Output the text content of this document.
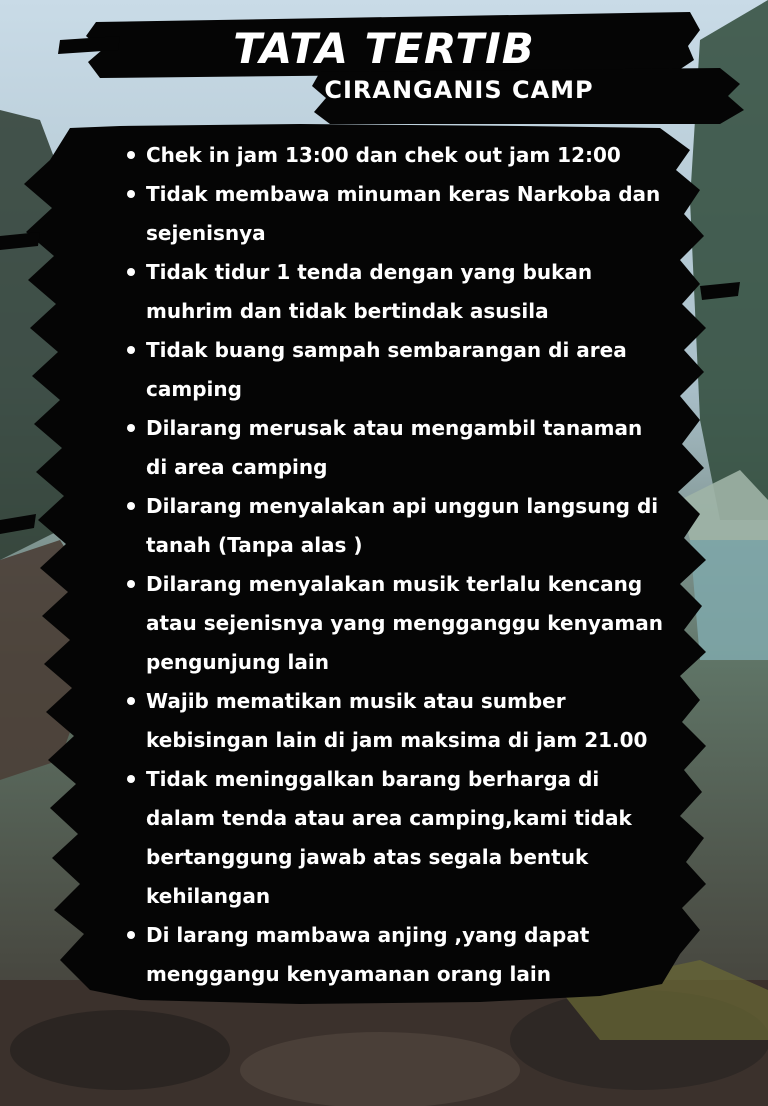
TATA TERTIB
CIRANGANIS CAMP
Chek in jam 13:00 dan chek out jam 12:00
Tidak membawa minuman keras Narkoba dan sejenisnya
Tidak tidur 1 tenda dengan yang bukan muhrim dan tidak bertindak asusila
Tidak buang sampah sembarangan di area camping
Dilarang merusak atau mengambil tanaman di area camping
Dilarang menyalakan api unggun langsung di tanah (Tanpa alas )
Dilarang menyalakan musik terlalu kencang atau sejenisnya yang mengganggu kenyaman pengunjung lain
Wajib mematikan musik atau sumber kebisingan lain di jam maksima di jam 21.00
Tidak meninggalkan barang berharga di dalam tenda atau area camping,kami tidak bertanggung jawab atas segala bentuk kehilangan
Di larang mambawa anjing ,yang dapat menggangu kenyamanan orang lain
